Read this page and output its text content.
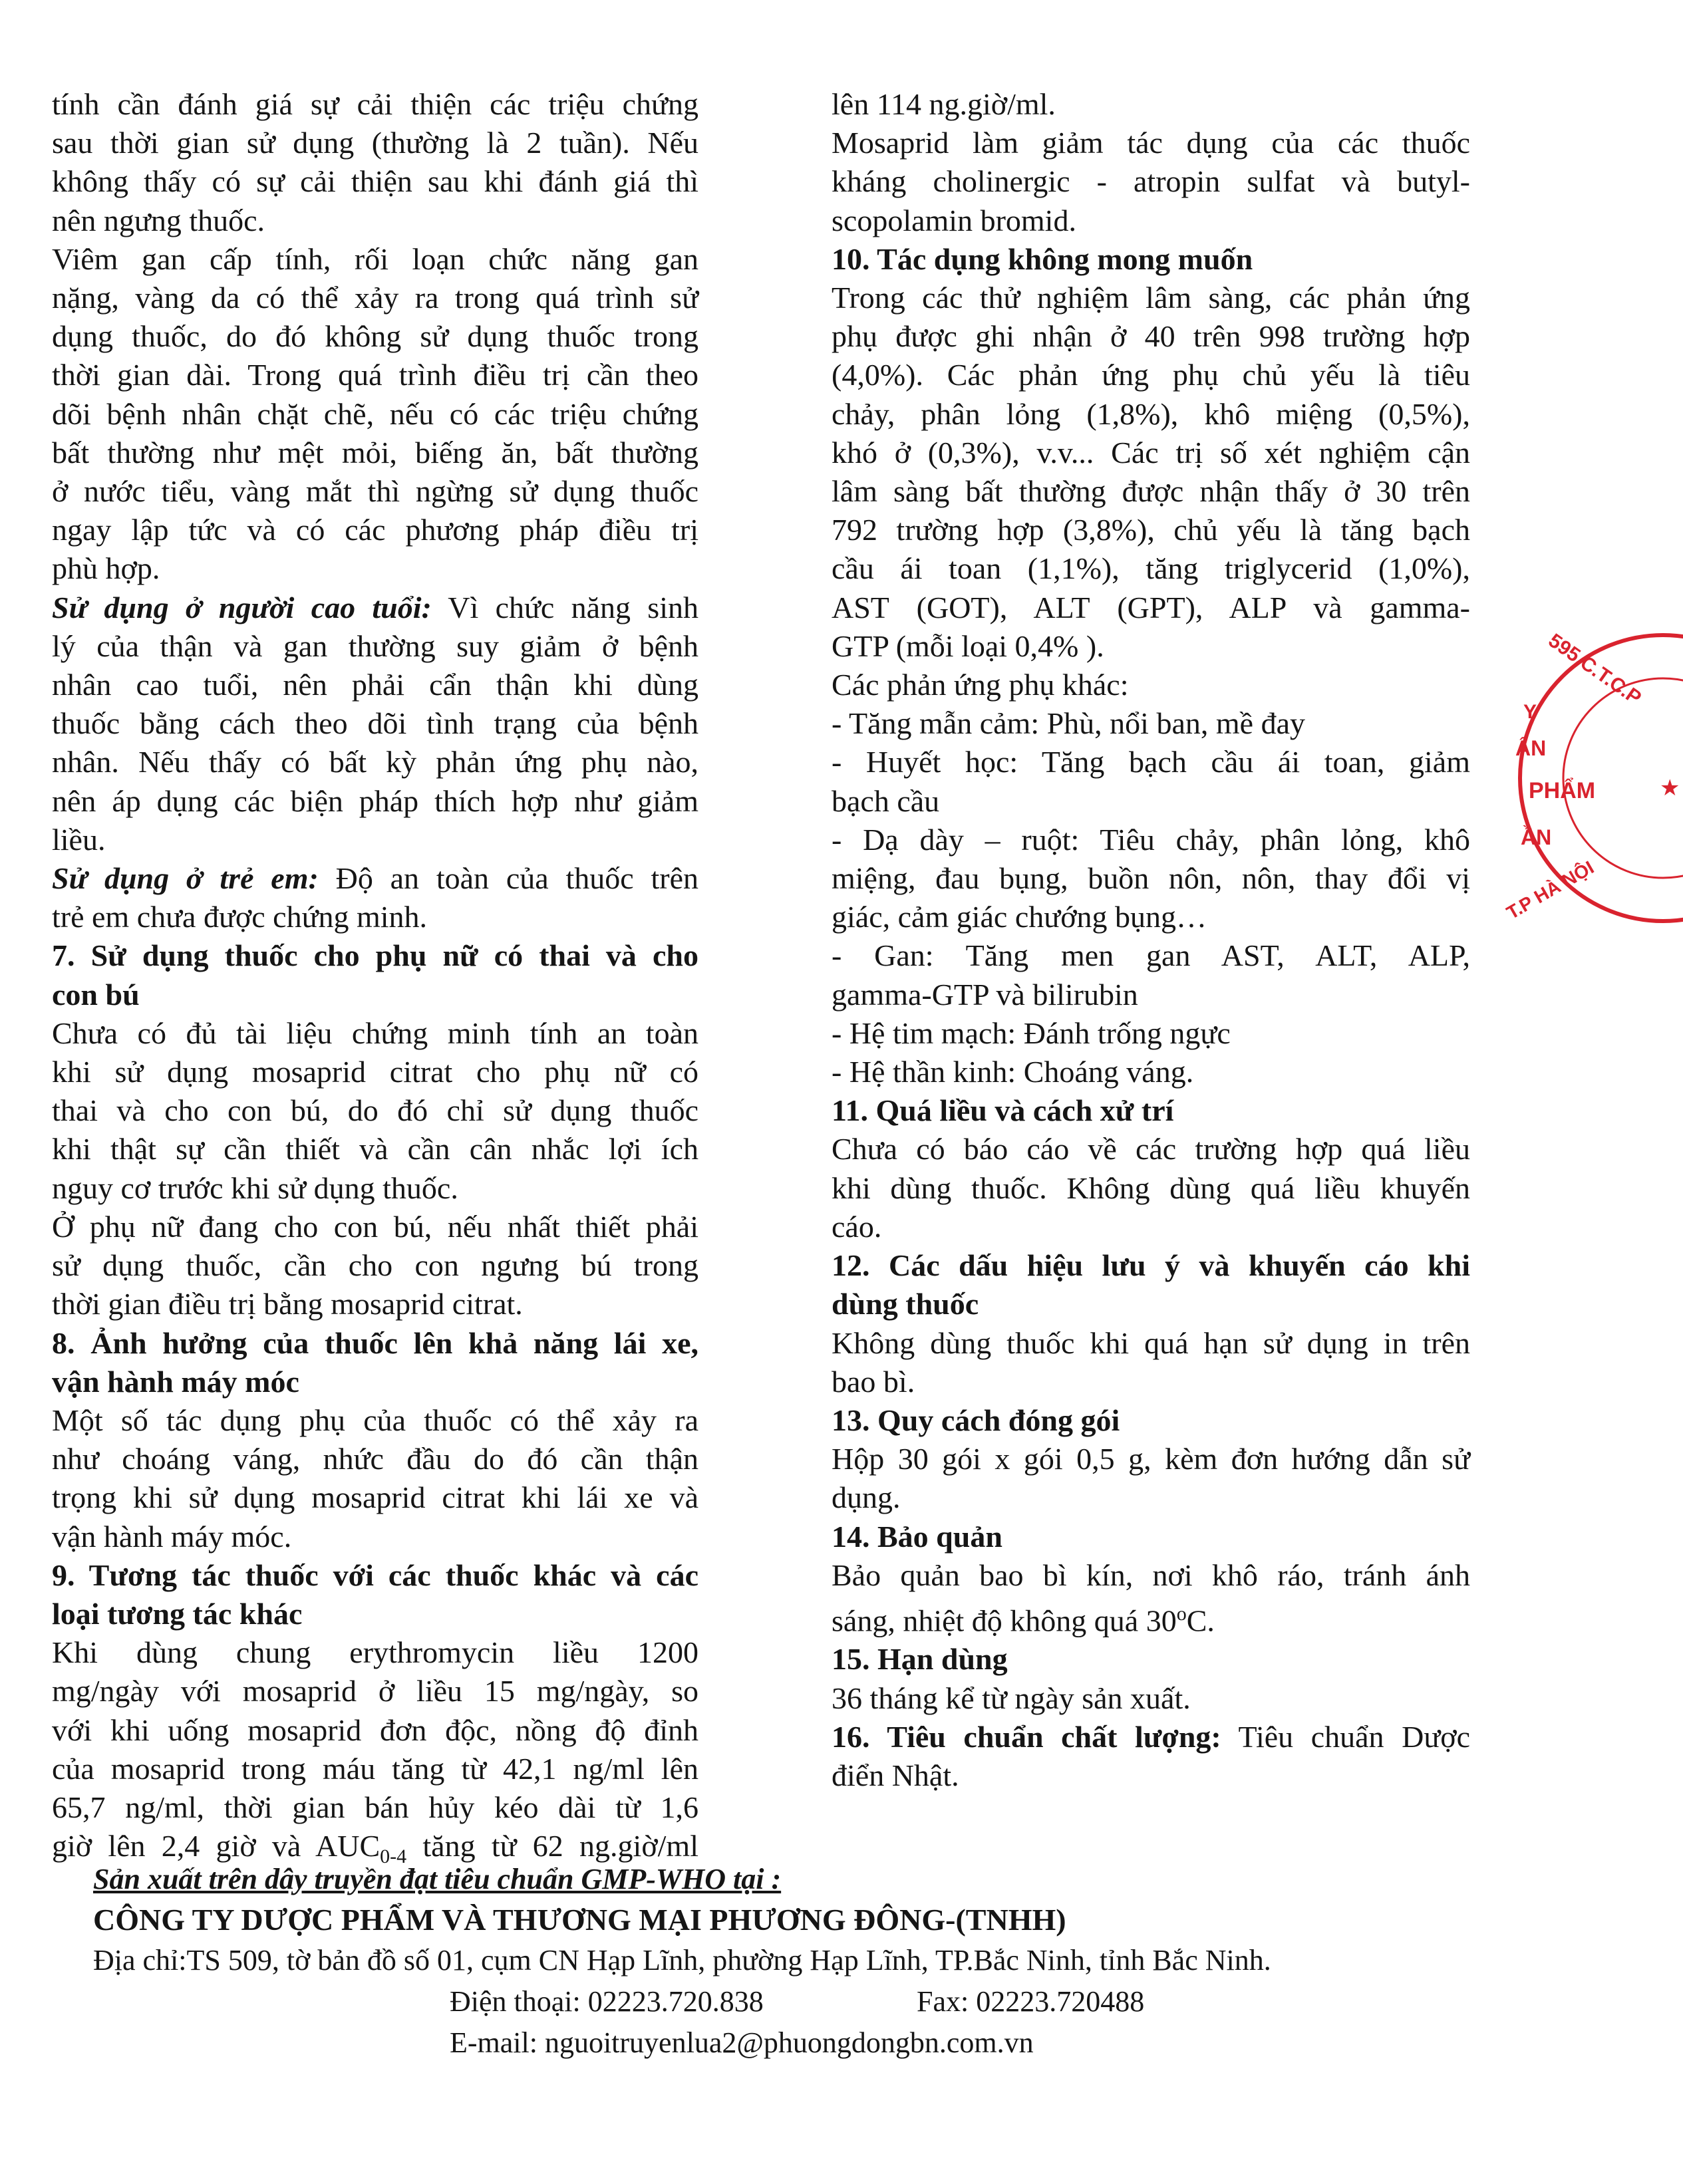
tính cần đánh giá sự cải thiện các triệu chứng
sau thời gian sử dụng (thường là 2 tuần). Nếu
không thấy có sự cải thiện sau khi đánh giá thì
nên ngưng thuốc.
Viêm gan cấp tính, rối loạn chức năng gan
nặng, vàng da có thể xảy ra trong quá trình sử
dụng thuốc, do đó không sử dụng thuốc trong
thời gian dài. Trong quá trình điều trị cần theo
dõi bệnh nhân chặt chẽ, nếu có các triệu chứng
bất thường như mệt mỏi, biếng ăn, bất thường
ở nước tiểu, vàng mắt thì ngừng sử dụng thuốc
ngay lập tức và có các phương pháp điều trị
phù hợp.
Sử dụng ở người cao tuổi: Vì chức năng sinh
lý của thận và gan thường suy giảm ở bệnh
nhân cao tuổi, nên phải cẩn thận khi dùng
thuốc bằng cách theo dõi tình trạng của bệnh
nhân. Nếu thấy có bất kỳ phản ứng phụ nào,
nên áp dụng các biện pháp thích hợp như giảm
liều.
Sử dụng ở trẻ em: Độ an toàn của thuốc trên
trẻ em chưa được chứng minh.
7. Sử dụng thuốc cho phụ nữ có thai và cho
con bú
Chưa có đủ tài liệu chứng minh tính an toàn
khi sử dụng mosaprid citrat cho phụ nữ có
thai và cho con bú, do đó chỉ sử dụng thuốc
khi thật sự cần thiết và cần cân nhắc lợi ích
nguy cơ trước khi sử dụng thuốc.
Ở phụ nữ đang cho con bú, nếu nhất thiết phải
sử dụng thuốc, cần cho con ngưng bú trong
thời gian điều trị bằng mosaprid citrat.
8. Ảnh hưởng của thuốc lên khả năng lái xe,
vận hành máy móc
Một số tác dụng phụ của thuốc có thể xảy ra
như choáng váng, nhức đầu do đó cần thận
trọng khi sử dụng mosaprid citrat khi lái xe và
vận hành máy móc.
9. Tương tác thuốc với các thuốc khác và các
loại tương tác khác
Khi dùng chung erythromycin liều 1200
mg/ngày với mosaprid ở liều 15 mg/ngày, so
với khi uống mosaprid đơn độc, nồng độ đỉnh
của mosaprid trong máu tăng từ 42,1 ng/ml lên
65,7 ng/ml, thời gian bán hủy kéo dài từ 1,6
giờ lên 2,4 giờ và $AUC_{0-4}$ tăng từ 62 ng.giờ/ml
lên 114 ng.giờ/ml.
Mosaprid làm giảm tác dụng của các thuốc
kháng cholinergic - atropin sulfat và butyl-
scopolamin bromid.
10. Tác dụng không mong muốn
Trong các thử nghiệm lâm sàng, các phản ứng
phụ được ghi nhận ở 40 trên 998 trường hợp
(4,0%). Các phản ứng phụ chủ yếu là tiêu
chảy, phân lỏng (1,8%), khô miệng (0,5%),
khó ở (0,3%), v.v... Các trị số xét nghiệm cận
lâm sàng bất thường được nhận thấy ở 30 trên
792 trường hợp (3,8%), chủ yếu là tăng bạch
cầu ái toan (1,1%), tăng triglycerid (1,0%),
AST (GOT), ALT (GPT), ALP và gamma-
GTP (mỗi loại 0,4% ).
Các phản ứng phụ khác:
- Tăng mẫn cảm: Phù, nổi ban, mề đay
- Huyết học: Tăng bạch cầu ái toan, giảm
bạch cầu
- Dạ dày – ruột: Tiêu chảy, phân lỏng, khô
miệng, đau bụng, buồn nôn, nôn, thay đổi vị
giác, cảm giác chướng bụng…
- Gan: Tăng men gan AST, ALT, ALP,
gamma-GTP và bilirubin
- Hệ tim mạch: Đánh trống ngực
- Hệ thần kinh: Choáng váng.
11. Quá liều và cách xử trí
Chưa có báo cáo về các trường hợp quá liều
khi dùng thuốc. Không dùng quá liều khuyến
cáo.
12. Các dấu hiệu lưu ý và khuyến cáo khi
dùng thuốc
Không dùng thuốc khi quá hạn sử dụng in trên
bao bì.
13. Quy cách đóng gói
Hộp 30 gói x gói 0,5 g, kèm đơn hướng dẫn sử
dụng.
14. Bảo quản
Bảo quản bao bì kín, nơi khô ráo, tránh ánh
sáng, nhiệt độ không quá 30$^o$C.
15. Hạn dùng
36 tháng kể từ ngày sản xuất.
16. Tiêu chuẩn chất lượng: Tiêu chuẩn Dược
điển Nhật.
595.C.T.C.P
Y
ẨN
PHẨM
ẦN
T.P HÀ NỘI
★
Sản xuất trên dây truyền đạt tiêu chuẩn GMP-WHO tại :
CÔNG TY DƯỢC PHẨM VÀ THƯƠNG MẠI PHƯƠNG ĐÔNG-(TNHH)
Địa chỉ:TS 509, tờ bản đồ số 01, cụm CN Hạp Lĩnh, phường Hạp Lĩnh, TP.Bắc Ninh, tỉnh Bắc Ninh.
Điện thoại: 02223.720.838	Fax: 02223.720488
E-mail: nguoitruyenlua2@phuongdongbn.com.vn
